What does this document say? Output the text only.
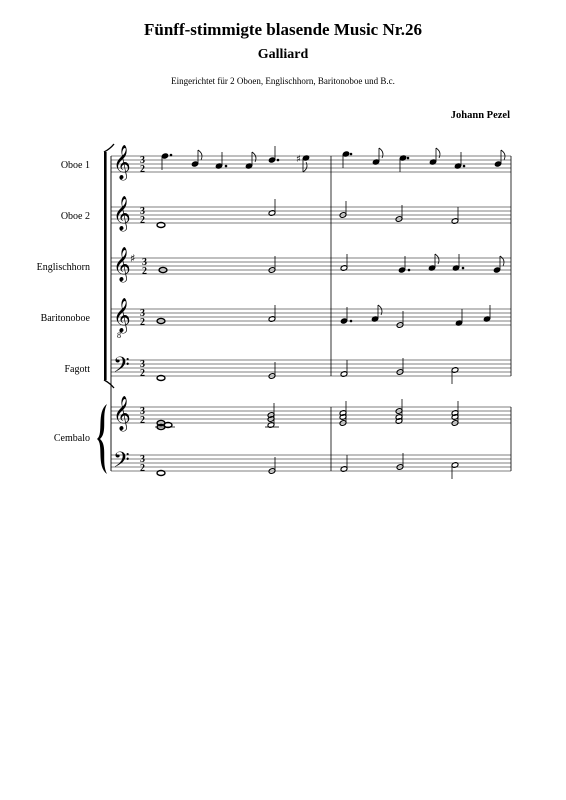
Fünff-stimmigte blasende Music Nr.26
Galliard
Eingerichtet für 2 Oboen, Englischhorn, Baritonoboe und B.c.
Johann Pezel
Oboe 1
Oboe 2
Englischhorn
Baritonoboe
Fagott
Cembalo
𝄞
𝄞
𝄞
𝄞
8
𝄢
𝄞
𝄢
♯
3
2
3
2
3
2
3
2
3
2
3
2
3
2
♯
